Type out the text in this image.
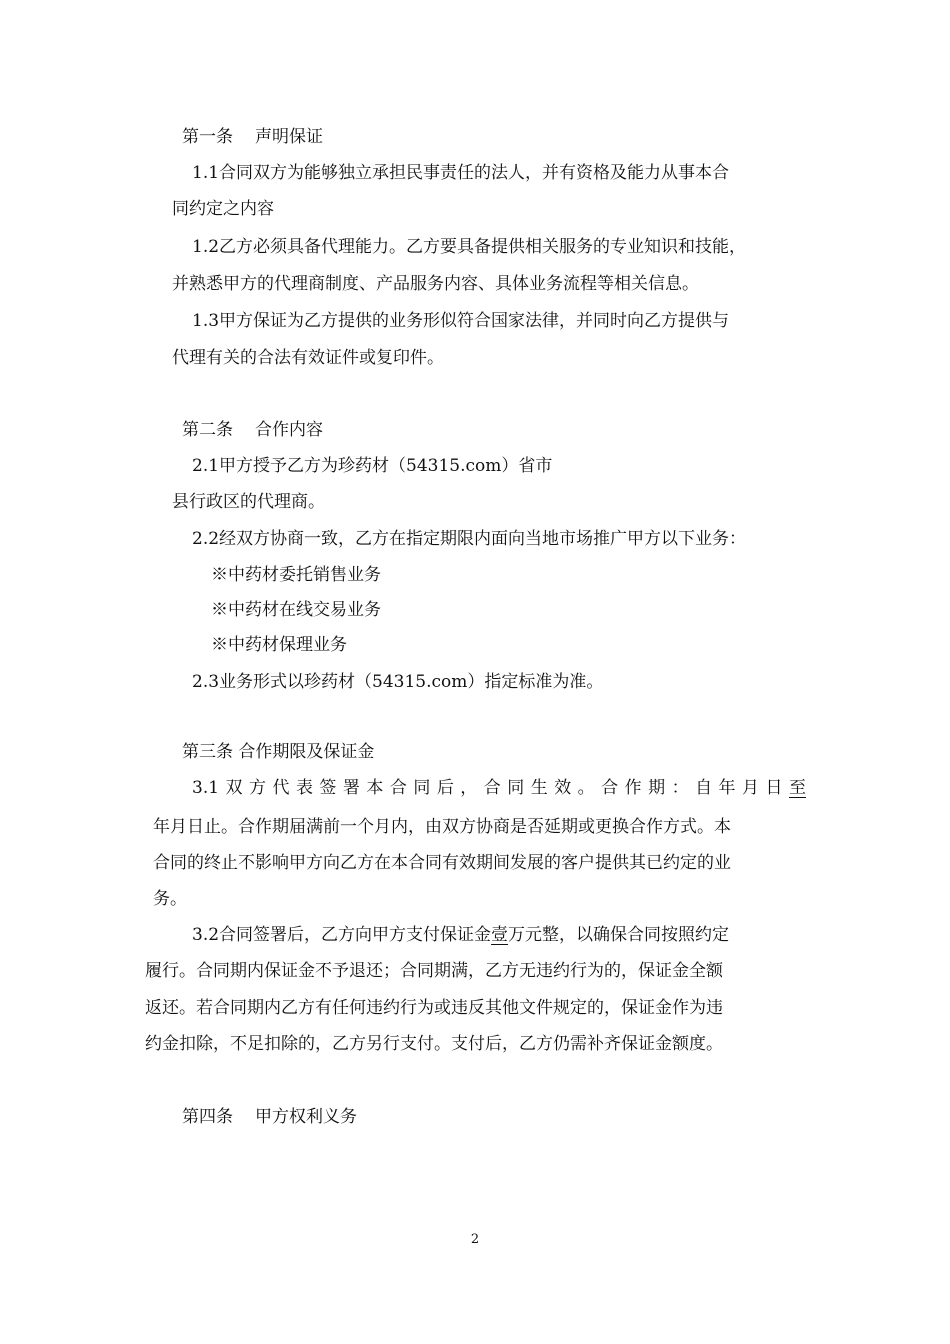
第一条 声明保证
1.1合同双方为能够独立承担民事责任的法人，并有资格及能力从事本合
同约定之内容
1.2乙方必须具备代理能力。乙方要具备提供相关服务的专业知识和技能，
并熟悉甲方的代理商制度、产品服务内容、具体业务流程等相关信息。
1.3甲方保证为乙方提供的业务形似符合国家法律，并同时向乙方提供与
代理有关的合法有效证件或复印件。
第二条 合作内容
2.1甲方授予乙方为珍药材（54315.com）省市
县行政区的代理商。
2.2经双方协商一致，乙方在指定期限内面向当地市场推广甲方以下业务：
※中药材委托销售业务
※中药材在线交易业务
※中药材保理业务
2.3业务形式以珍药材（54315.com）指定标准为准。
第三条 合作期限及保证金
3.1双方代表签署本合同后，合同生效。合作期：自年月日至
年月日止。合作期届满前一个月内，由双方协商是否延期或更换合作方式。本
合同的终止不影响甲方向乙方在本合同有效期间发展的客户提供其已约定的业
务。
3.2合同签署后，乙方向甲方支付保证金壹万元整，以确保合同按照约定
履行。合同期内保证金不予退还；合同期满，乙方无违约行为的，保证金全额
返还。若合同期内乙方有任何违约行为或违反其他文件规定的，保证金作为违
约金扣除，不足扣除的，乙方另行支付。支付后，乙方仍需补齐保证金额度。
第四条 甲方权利义务
2
